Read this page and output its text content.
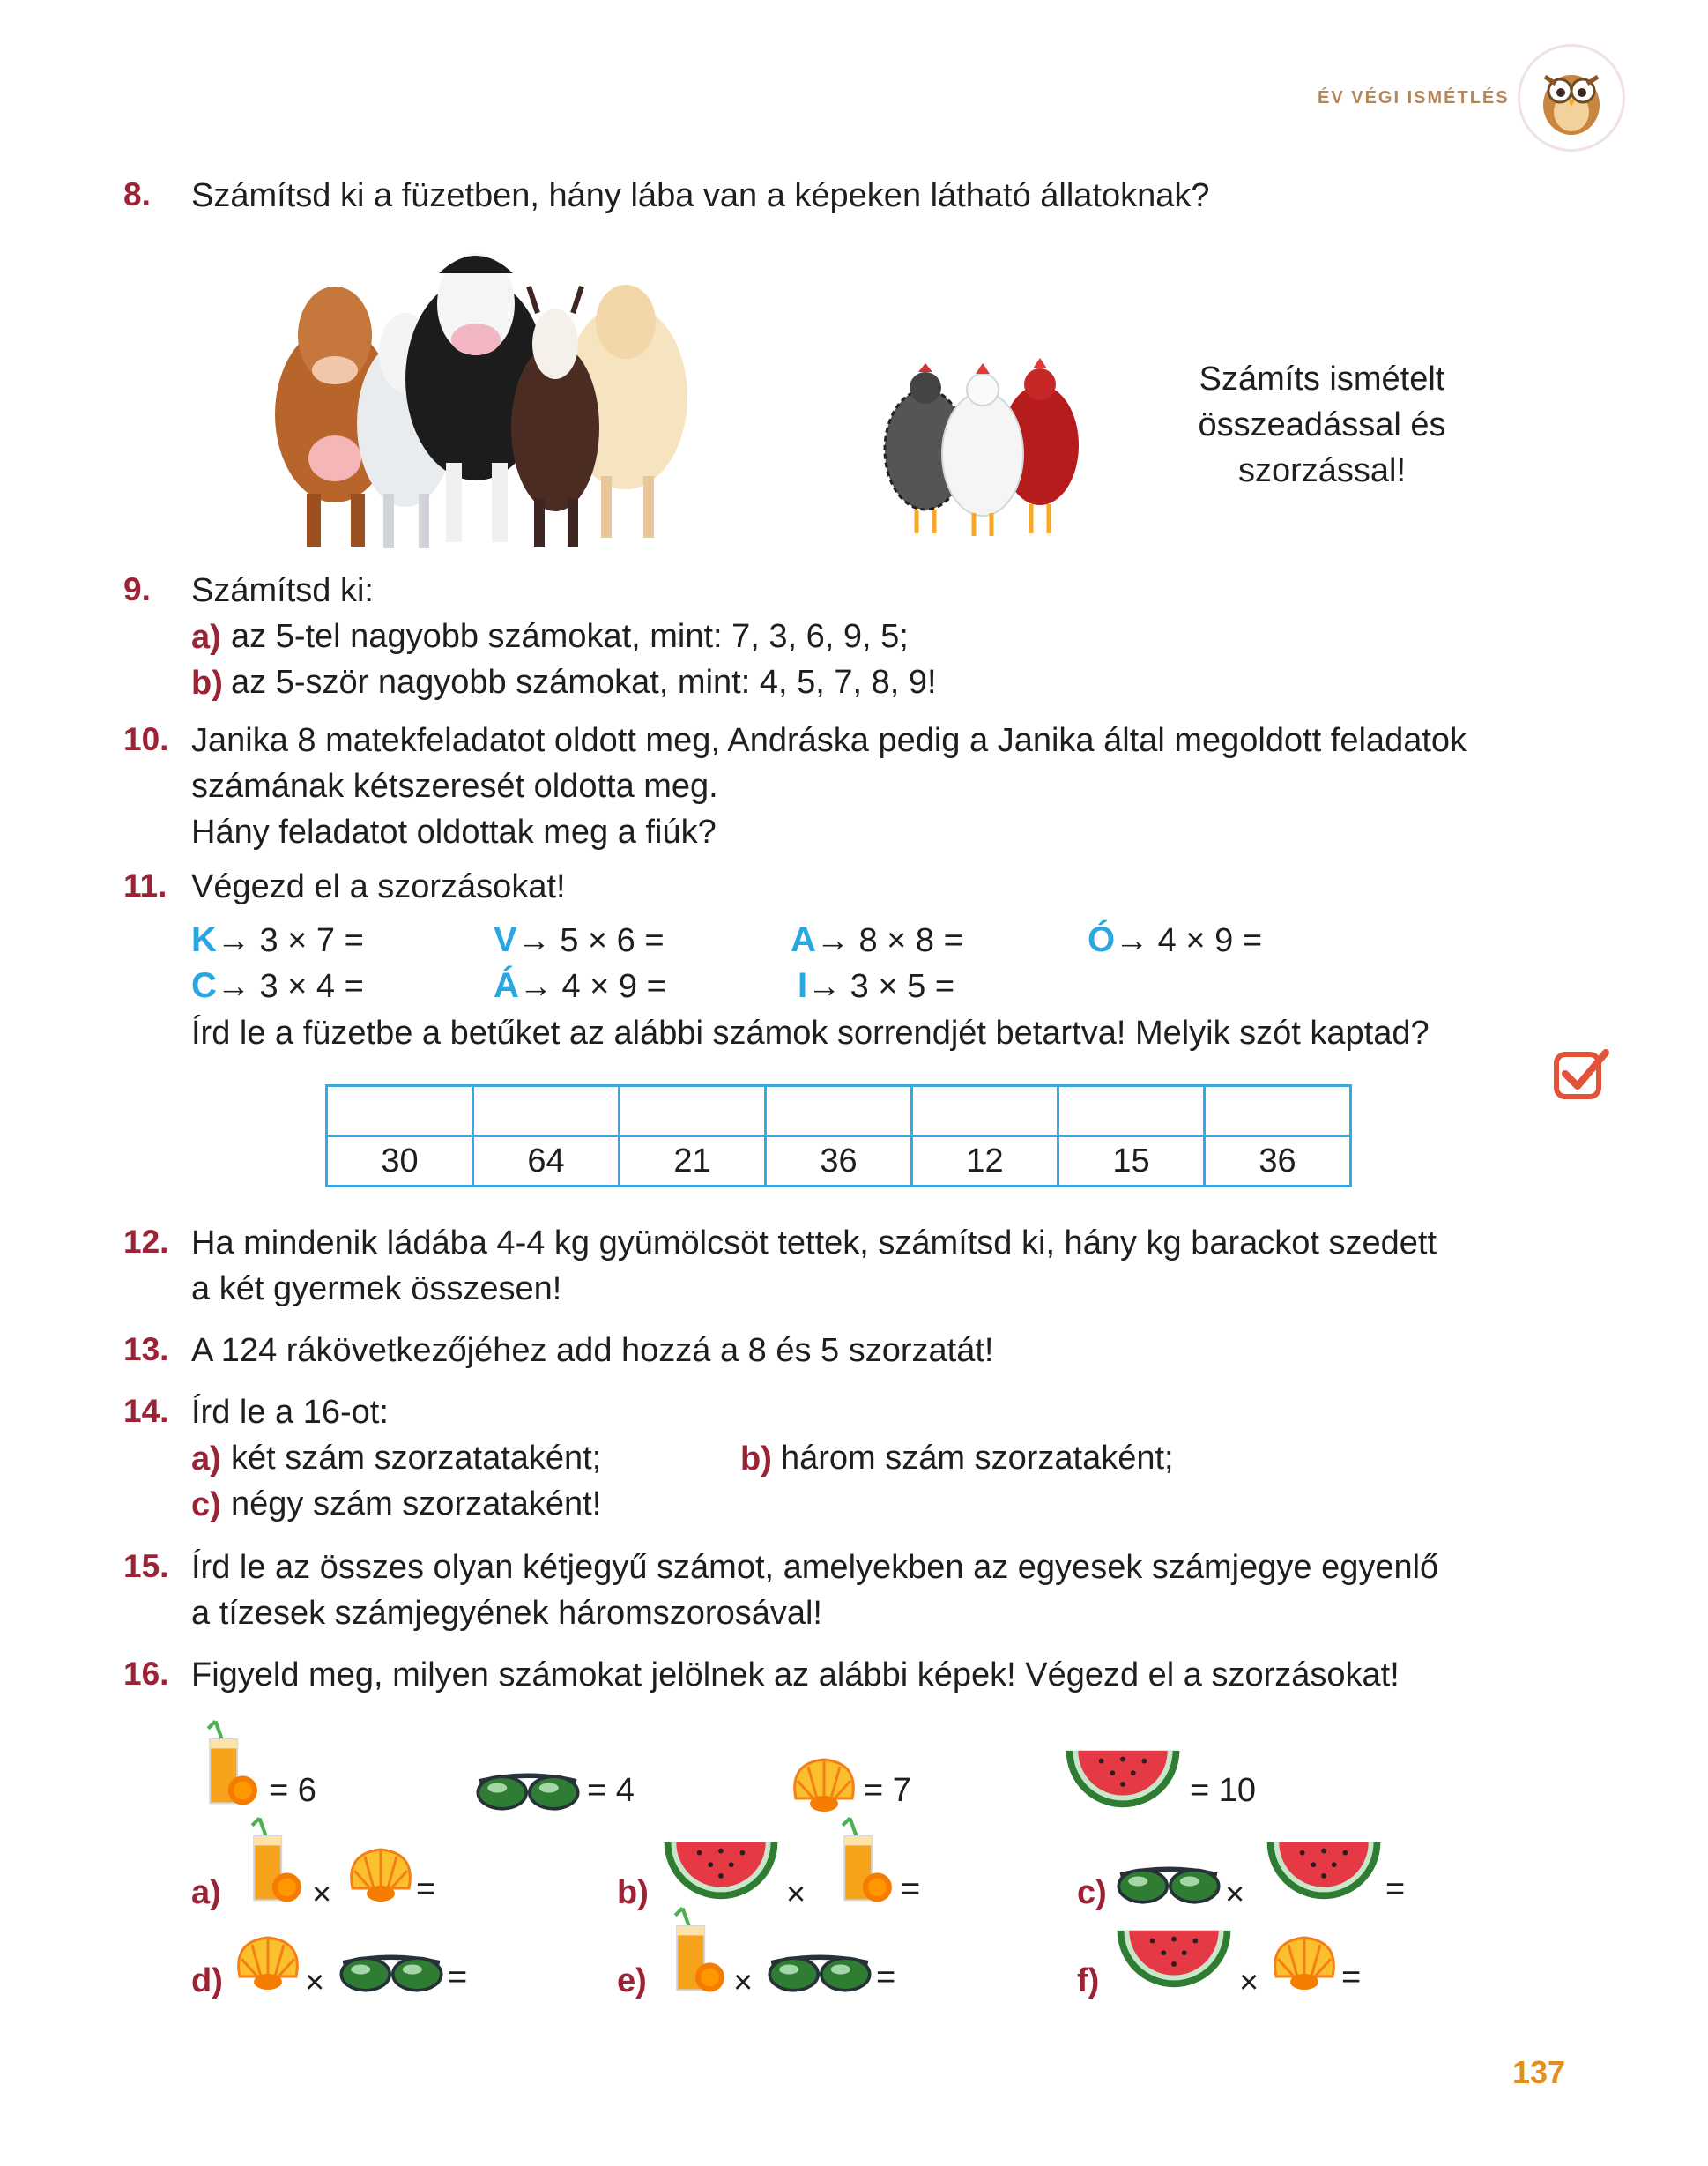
ÉV VÉGI ISMÉTLÉS
8. Számítsd ki a füzetben, hány lába van a képeken látható állatoknak?
Számíts ismételt
összeadással és szorzással!
9. Számítsd ki:
a) az 5-tel nagyobb számokat, mint: 7, 3, 6, 9, 5;
b) az 5-ször nagyobb számokat, mint: 4, 5, 7, 8, 9!
10. Janika 8 matekfeladatot oldott meg, Andráska pedig a Janika által megoldott feladatok
számának kétszeresét oldotta meg.
Hány feladatot oldottak meg a fiúk?
11. Végezd el a szorzásokat!
K→ 3 × 7 =	V→ 5 × 6 =	A→ 8 × 8 =	Ó→ 4 × 9 =
C→ 3 × 4 =	Á→ 4 × 9 =	I→ 3 × 5 =
Írd le a füzetbe a betűket az alábbi számok sorrendjét betartva! Melyik szót kaptad?

30	64	21	36	12	15	36
12. Ha mindenik ládába 4-4 kg gyümölcsöt tettek, számítsd ki, hány kg barackot szedett
a két gyermek összesen!
13. A 124 rákövetkezőjéhez add hozzá a 8 és 5 szorzatát!
14. Írd le a 16-ot:
a) két szám szorzatataként;	b) három szám szorzataként;
c) négy szám szorzataként!
15. Írd le az összes olyan kétjegyű számot, amelyekben az egyesek számjegye egyenlő
a tízesek számjegyének háromszorosával!
16. Figyeld meg, milyen számokat jelölnek az alábbi képek! Végezd el a szorzásokat!
= 6	= 4	= 7	= 10
a)	×	=	b)	×	=	c)	×	=
d) ×	=	e)	×	=	f)	× =
137
